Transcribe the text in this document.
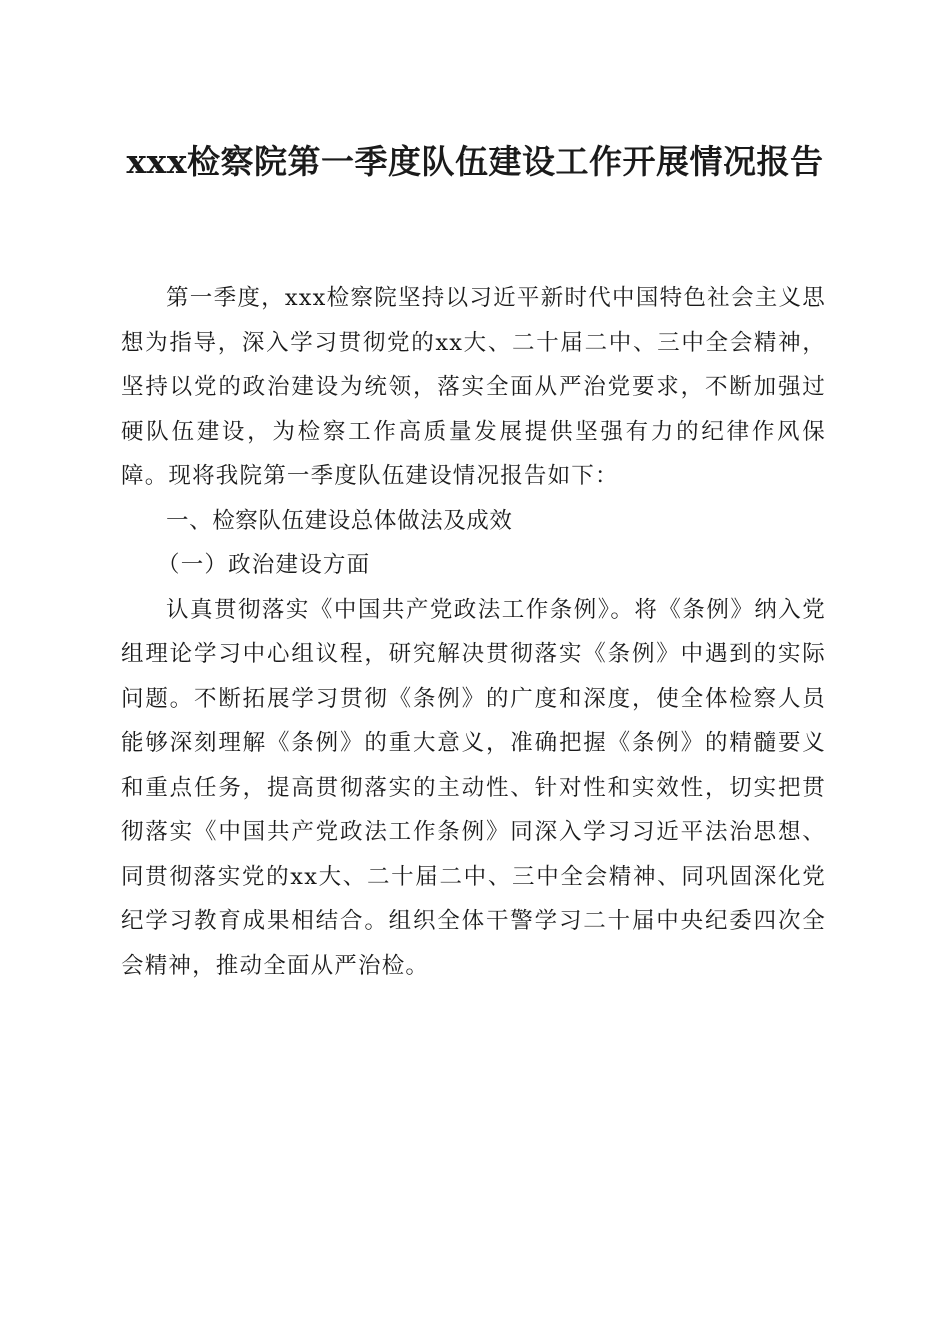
xxx检察院第一季度队伍建设工作开展情况报告

第一季度，xxx检察院坚持以习近平新时代中国特色社会主义思想为指导，深入学习贯彻党的xx大、二十届二中、三中全会精神，坚持以党的政治建设为统领，落实全面从严治党要求，不断加强过硬队伍建设，为检察工作高质量发展提供坚强有力的纪律作风保障。现将我院第一季度队伍建设情况报告如下：

一、检察队伍建设总体做法及成效

（一）政治建设方面

认真贯彻落实《中国共产党政法工作条例》。将《条例》纳入党组理论学习中心组议程，研究解决贯彻落实《条例》中遇到的实际问题。不断拓展学习贯彻《条例》的广度和深度，使全体检察人员能够深刻理解《条例》的重大意义，准确把握《条例》的精髓要义和重点任务，提高贯彻落实的主动性、针对性和实效性，切实把贯彻落实《中国共产党政法工作条例》同深入学习习近平法治思想、同贯彻落实党的xx大、二十届二中、三中全会精神、同巩固深化党纪学习教育成果相结合。组织全体干警学习二十届中央纪委四次全会精神，推动全面从严治检。
